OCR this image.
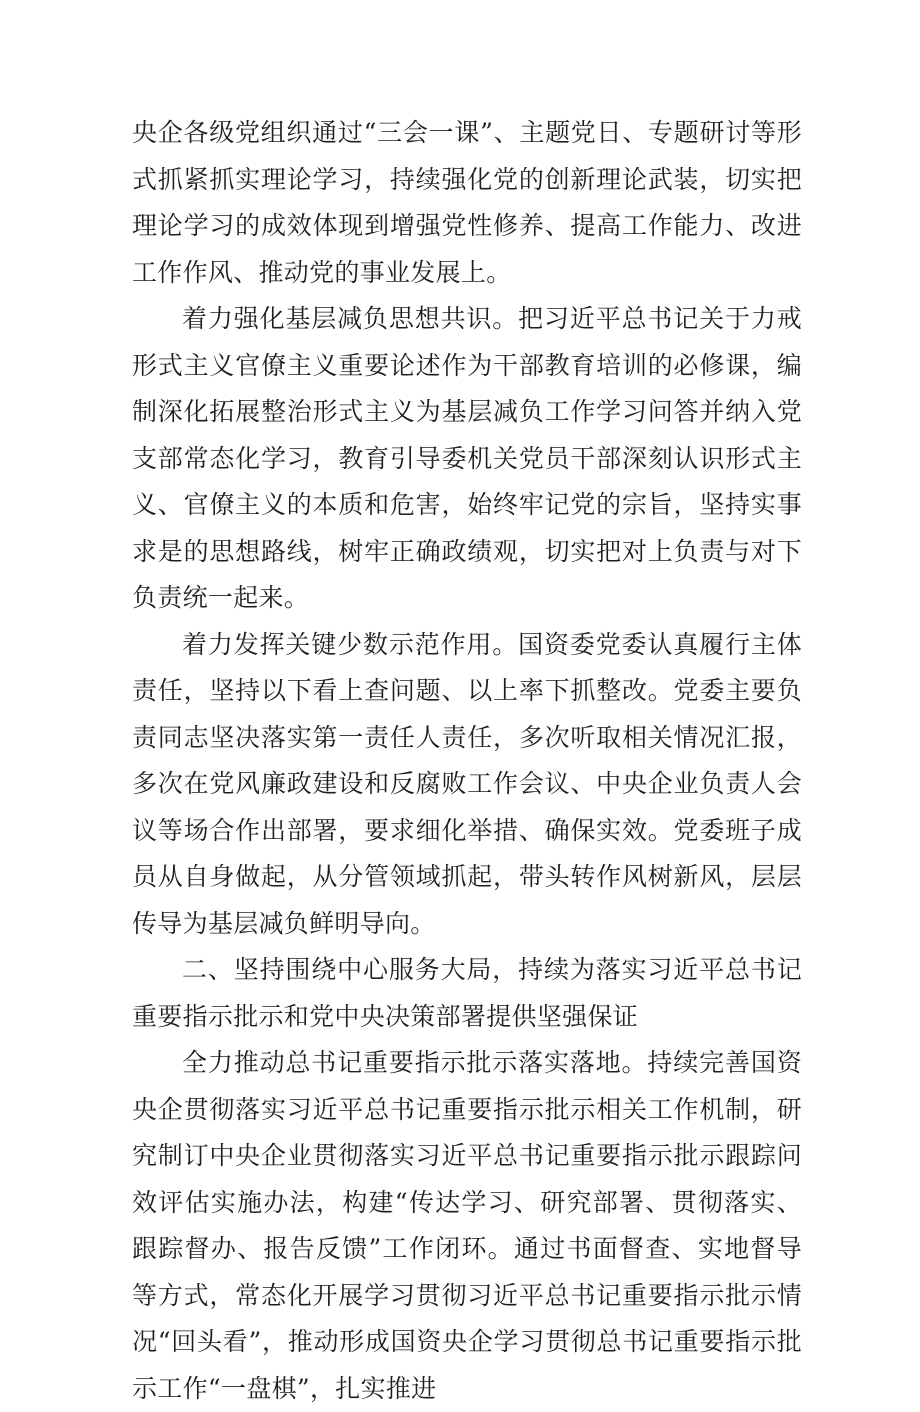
央企各级党组织通过“三会一课”、主题党日、专题研讨等形式抓紧抓实理论学习，持续强化党的创新理论武装，切实把理论学习的成效体现到增强党性修养、提高工作能力、改进工作作风、推动党的事业发展上。

着力强化基层减负思想共识。把习近平总书记关于力戒形式主义官僚主义重要论述作为干部教育培训的必修课，编制深化拓展整治形式主义为基层减负工作学习问答并纳入党支部常态化学习，教育引导委机关党员干部深刻认识形式主义、官僚主义的本质和危害，始终牢记党的宗旨，坚持实事求是的思想路线，树牢正确政绩观，切实把对上负责与对下负责统一起来。

着力发挥关键少数示范作用。国资委党委认真履行主体责任，坚持以下看上查问题、以上率下抓整改。党委主要负责同志坚决落实第一责任人责任，多次听取相关情况汇报，多次在党风廉政建设和反腐败工作会议、中央企业负责人会议等场合作出部署，要求细化举措、确保实效。党委班子成员从自身做起，从分管领域抓起，带头转作风树新风，层层传导为基层减负鲜明导向。

二、坚持围绕中心服务大局，持续为落实习近平总书记重要指示批示和党中央决策部署提供坚强保证

全力推动总书记重要指示批示落实落地。持续完善国资央企贯彻落实习近平总书记重要指示批示相关工作机制，研究制订中央企业贯彻落实习近平总书记重要指示批示跟踪问效评估实施办法，构建“传达学习、研究部署、贯彻落实、跟踪督办、报告反馈”工作闭环。通过书面督查、实地督导等方式，常态化开展学习贯彻习近平总书记重要指示批示情况“回头看”，推动形成国资央企学习贯彻总书记重要指示批示工作“一盘棋”，扎实推进
